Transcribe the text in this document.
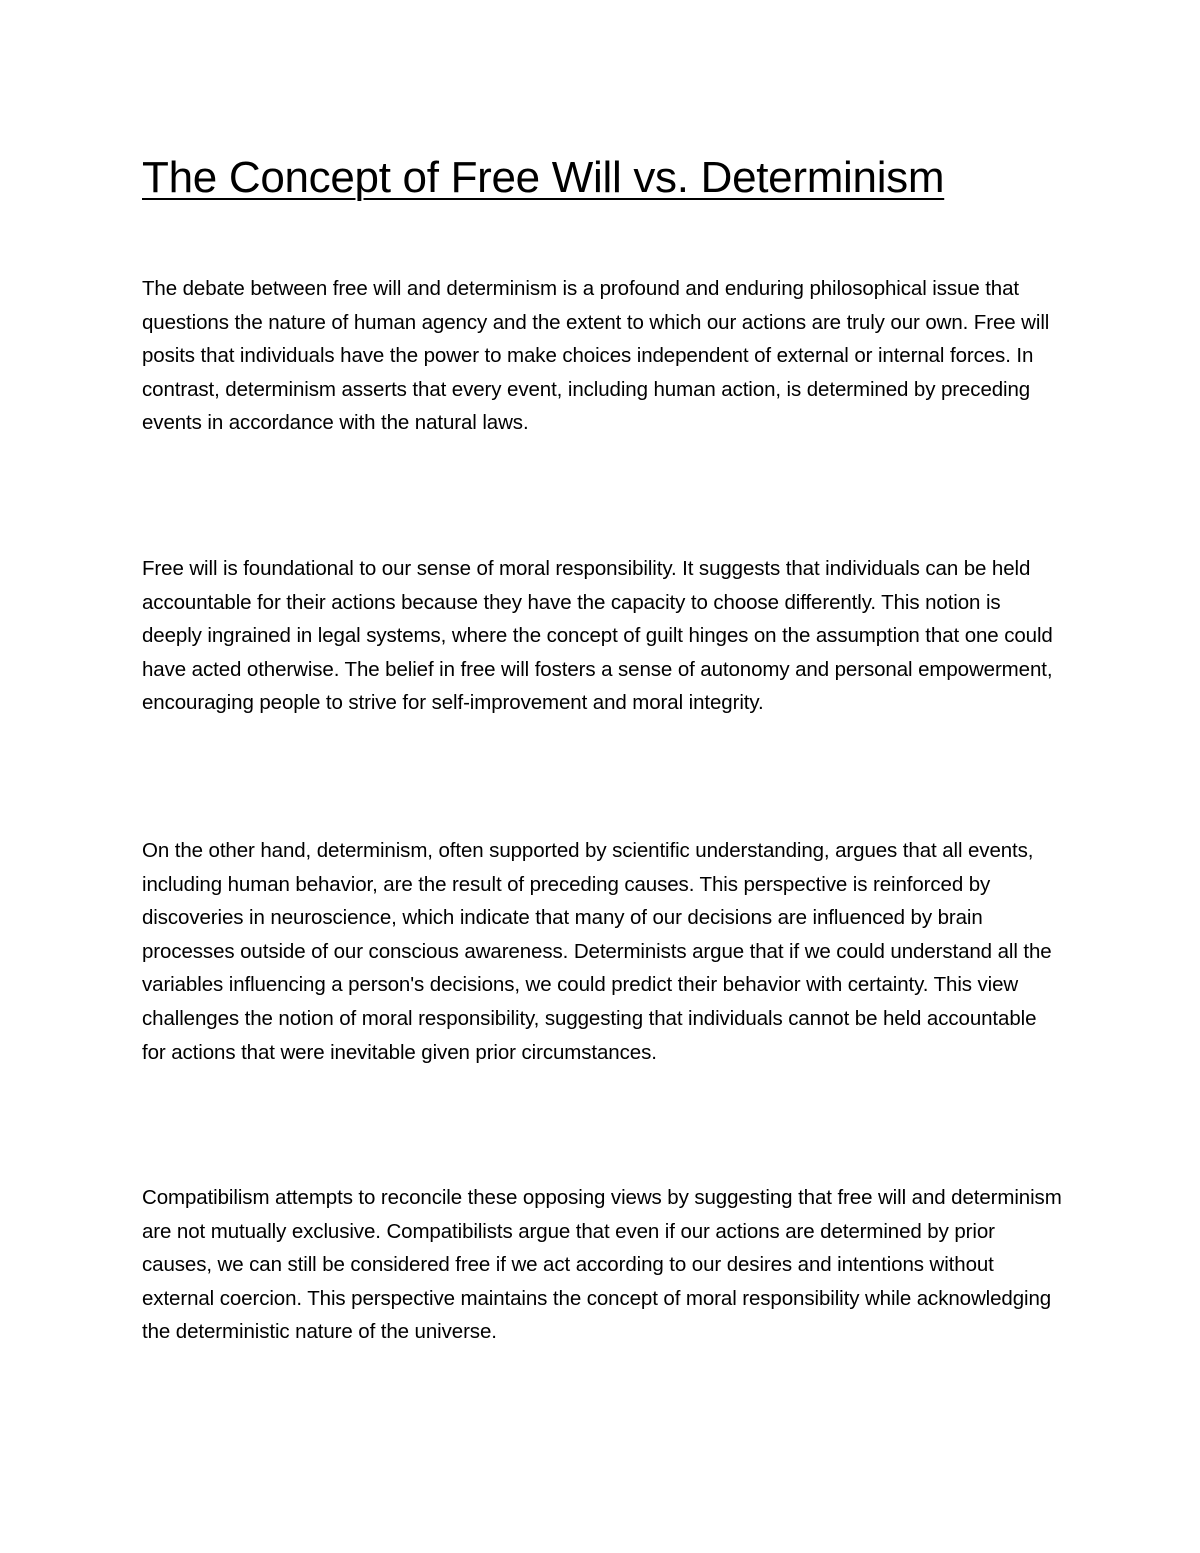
The Concept of Free Will vs. Determinism

The debate between free will and determinism is a profound and enduring philosophical issue that questions the nature of human agency and the extent to which our actions are truly our own. Free will posits that individuals have the power to make choices independent of external or internal forces. In contrast, determinism asserts that every event, including human action, is determined by preceding events in accordance with the natural laws.

Free will is foundational to our sense of moral responsibility. It suggests that individuals can be held accountable for their actions because they have the capacity to choose differently. This notion is deeply ingrained in legal systems, where the concept of guilt hinges on the assumption that one could have acted otherwise. The belief in free will fosters a sense of autonomy and personal empowerment, encouraging people to strive for self-improvement and moral integrity.

On the other hand, determinism, often supported by scientific understanding, argues that all events, including human behavior, are the result of preceding causes. This perspective is reinforced by discoveries in neuroscience, which indicate that many of our decisions are influenced by brain processes outside of our conscious awareness. Determinists argue that if we could understand all the variables influencing a person's decisions, we could predict their behavior with certainty. This view challenges the notion of moral responsibility, suggesting that individuals cannot be held accountable for actions that were inevitable given prior circumstances.

Compatibilism attempts to reconcile these opposing views by suggesting that free will and determinism are not mutually exclusive. Compatibilists argue that even if our actions are determined by prior causes, we can still be considered free if we act according to our desires and intentions without external coercion. This perspective maintains the concept of moral responsibility while acknowledging the deterministic nature of the universe.
